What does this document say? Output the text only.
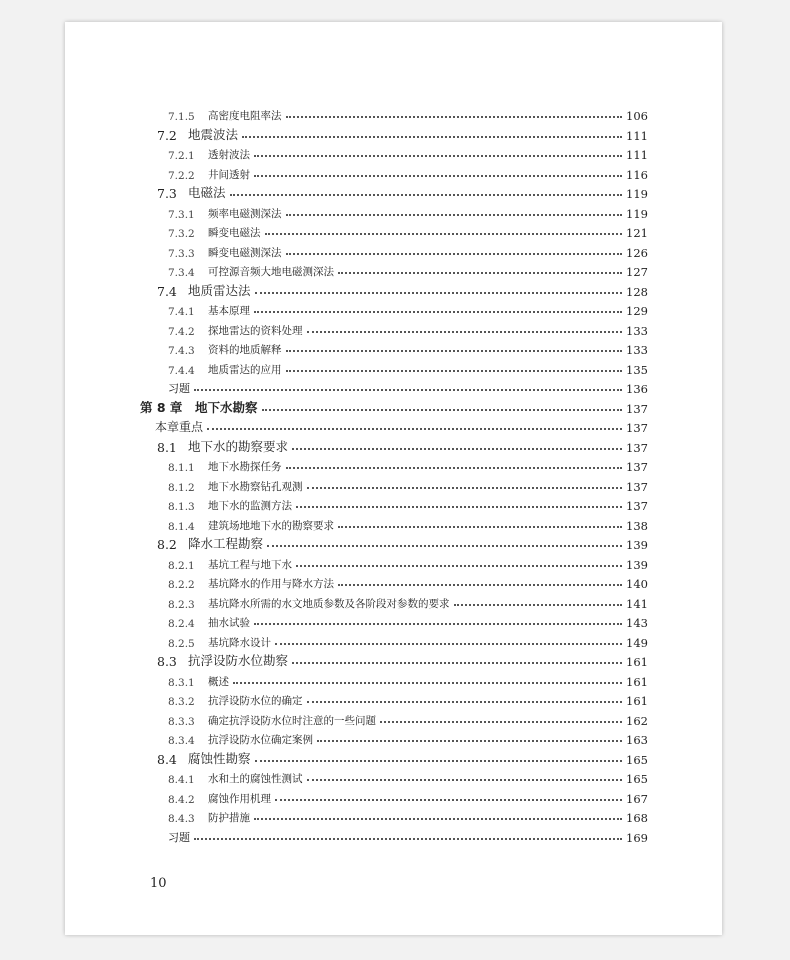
7.1.5	高密度电阻率法	106
7.2 地震波法	111
7.2.1	透射波法	111
7.2.2	井间透射	116
7.3 电磁法	119
7.3.1	频率电磁测深法	119
7.3.2	瞬变电磁法	121
7.3.3	瞬变电磁测深法	126
7.3.4	可控源音频大地电磁测深法	127
7.4 地质雷达法	128
7.4.1	基本原理	129
7.4.2	探地雷达的资料处理	133
7.4.3	资料的地质解释	133
7.4.4	地质雷达的应用	135
习题	136
第 8 章	地下水勘察	137
本章重点	137
8.1 地下水的勘察要求	137
8.1.1	地下水勘探任务	137
8.1.2	地下水勘察钻孔观测	137
8.1.3	地下水的监测方法	137
8.1.4	建筑场地地下水的勘察要求	138
8.2 降水工程勘察	139
8.2.1	基坑工程与地下水	139
8.2.2	基坑降水的作用与降水方法	140
8.2.3	基坑降水所需的水文地质参数及各阶段对参数的要求	141
8.2.4	抽水试验	143
8.2.5	基坑降水设计	149
8.3 抗浮设防水位勘察	161
8.3.1	概述	161
8.3.2	抗浮设防水位的确定	161
8.3.3	确定抗浮设防水位时注意的一些问题	162
8.3.4	抗浮设防水位确定案例	163
8.4 腐蚀性勘察	165
8.4.1	水和土的腐蚀性测试	165
8.4.2	腐蚀作用机理	167
8.4.3	防护措施	168
习题	169
10
